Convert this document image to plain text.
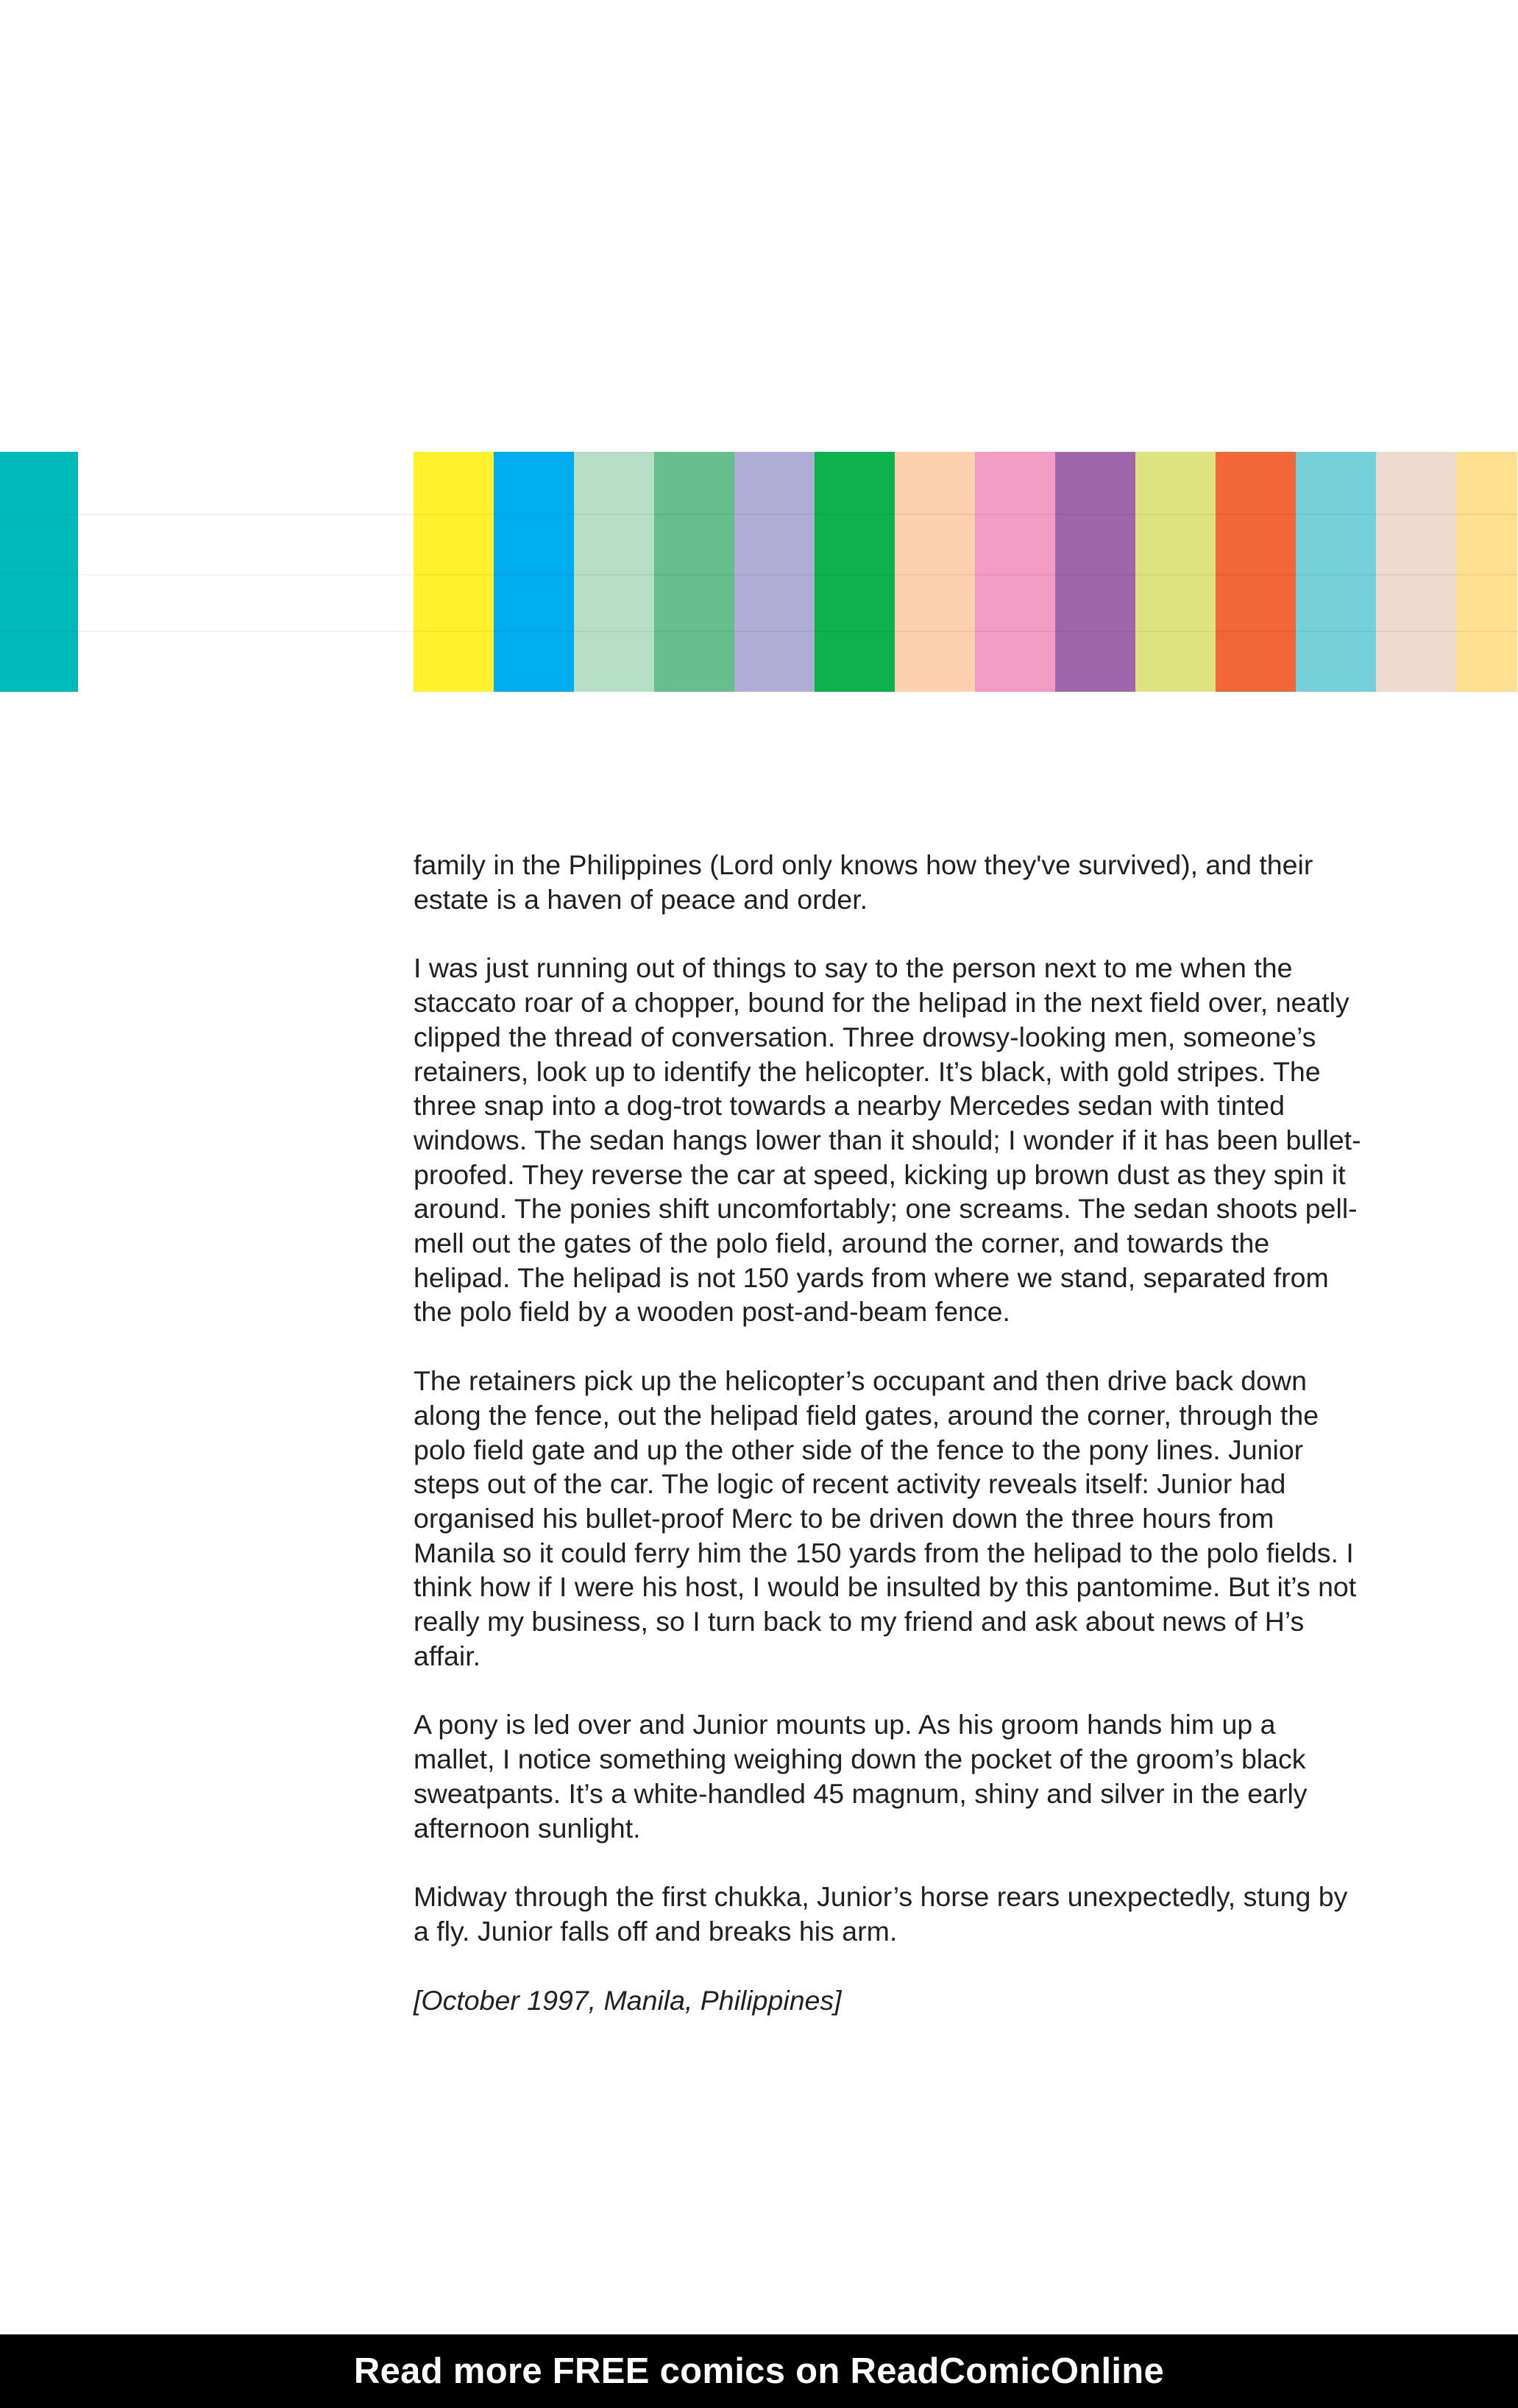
family in the Philippines (Lord only knows how they've survived), and their estate is a haven of peace and order.

I was just running out of things to say to the person next to me when the staccato roar of a chopper, bound for the helipad in the next field over, neatly clipped the thread of conversation. Three drowsy-looking men, someone’s retainers, look up to identify the helicopter. It’s black, with gold stripes. The three snap into a dog-trot towards a nearby Mercedes sedan with tinted windows. The sedan hangs lower than it should; I wonder if it has been bullet-proofed. They reverse the car at speed, kicking up brown dust as they spin it around. The ponies shift uncomfortably; one screams. The sedan shoots pell-mell out the gates of the polo field, around the corner, and towards the helipad. The helipad is not 150 yards from where we stand, separated from the polo field by a wooden post-and-beam fence.

The retainers pick up the helicopter’s occupant and then drive back down along the fence, out the helipad field gates, around the corner, through the polo field gate and up the other side of the fence to the pony lines. Junior steps out of the car. The logic of recent activity reveals itself: Junior had organised his bullet-proof Merc to be driven down the three hours from Manila so it could ferry him the 150 yards from the helipad to the polo fields. I think how if I were his host, I would be insulted by this pantomime. But it’s not really my business, so I turn back to my friend and ask about news of H’s affair.

A pony is led over and Junior mounts up. As his groom hands him up a mallet, I notice something weighing down the pocket of the groom’s black sweatpants. It’s a white-handled 45 magnum, shiny and silver in the early afternoon sunlight.

Midway through the first chukka, Junior’s horse rears unexpectedly, stung by a fly. Junior falls off and breaks his arm.

[October 1997, Manila, Philippines]

Read more FREE comics on ReadComicOnline
